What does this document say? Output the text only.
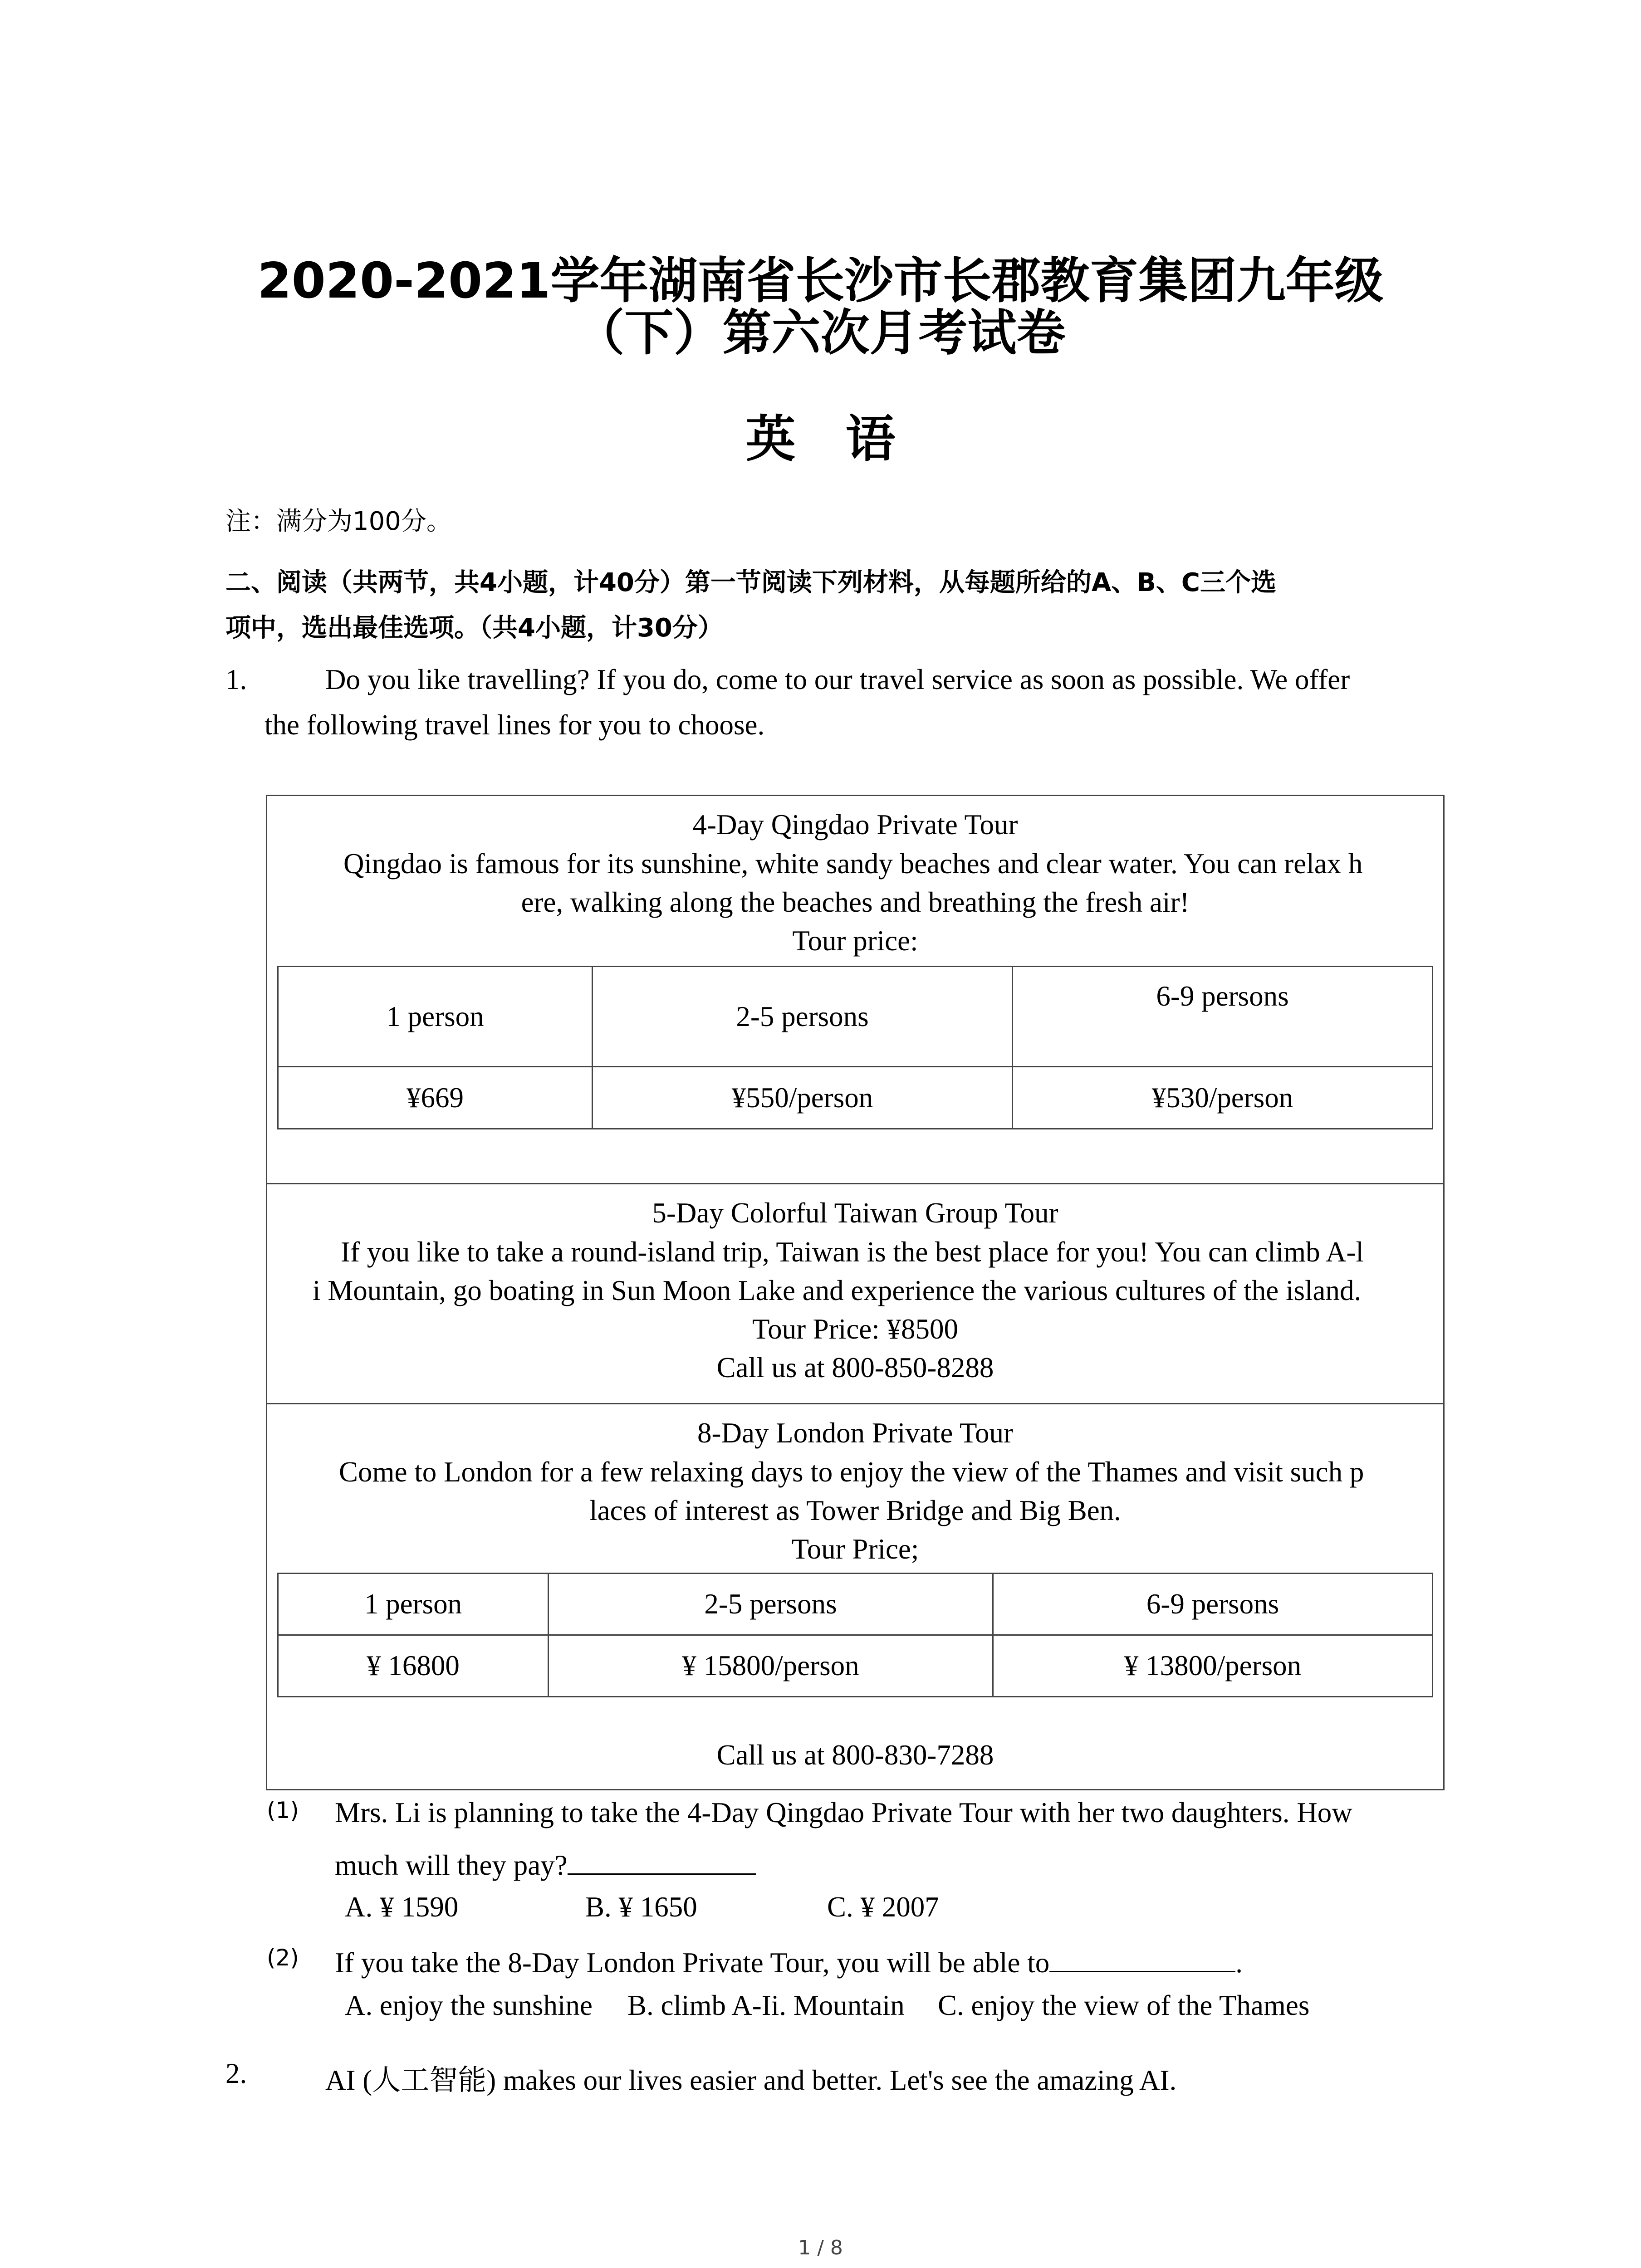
2020-2021学年湖南省长沙市长郡教育集团九年级
（下）第六次月考试卷
英语
注：满分为100分。
二、阅读（共两节，共4小题，计40分）第一节阅读下列材料，从每题所给的A、B、C三个选
项中，选出最佳选项。（共4小题，计30分）
1.	Do you like travelling? If you do, come to our travel service as soon as possible. We offer
the following travel lines for you to choose.
4-Day Qingdao Private Tour
Qingdao is famous for its sunshine, white sandy beaches and clear water. You can relax h
ere, walking along the beaches and breathing the fresh air!
Tour price:
1 person	2-5 persons	6-9 persons
¥669	¥550/person	¥530/person
5-Day Colorful Taiwan Group Tour
If you like to take a round-island trip, Taiwan is the best place for you! You can climb A-l
i Mountain, go boating in Sun Moon Lake and experience the various cultures of the island.
Tour Price: ¥8500
Call us at 800-850-8288
8-Day London Private Tour
Come to London for a few relaxing days to enjoy the view of the Thames and visit such p
laces of interest as Tower Bridge and Big Ben.
Tour Price;
1 person	2-5 persons	6-9 persons
¥ 16800	¥ 15800/person	¥ 13800/person
Call us at 800-830-7288
(1) Mrs. Li is planning to take the 4-Day Qingdao Private Tour with her two daughters. How
much will they pay?
A. ¥ 1590	B. ¥ 1650	C. ¥ 2007
(2) If you take the 8-Day London Private Tour, you will be able to	.
A. enjoy the sunshine B. climb A-Ii. Mountain C. enjoy the view of the Thames
2.	AI (人工智能) makes our lives easier and better. Let's see the amazing AI.
1 / 8
